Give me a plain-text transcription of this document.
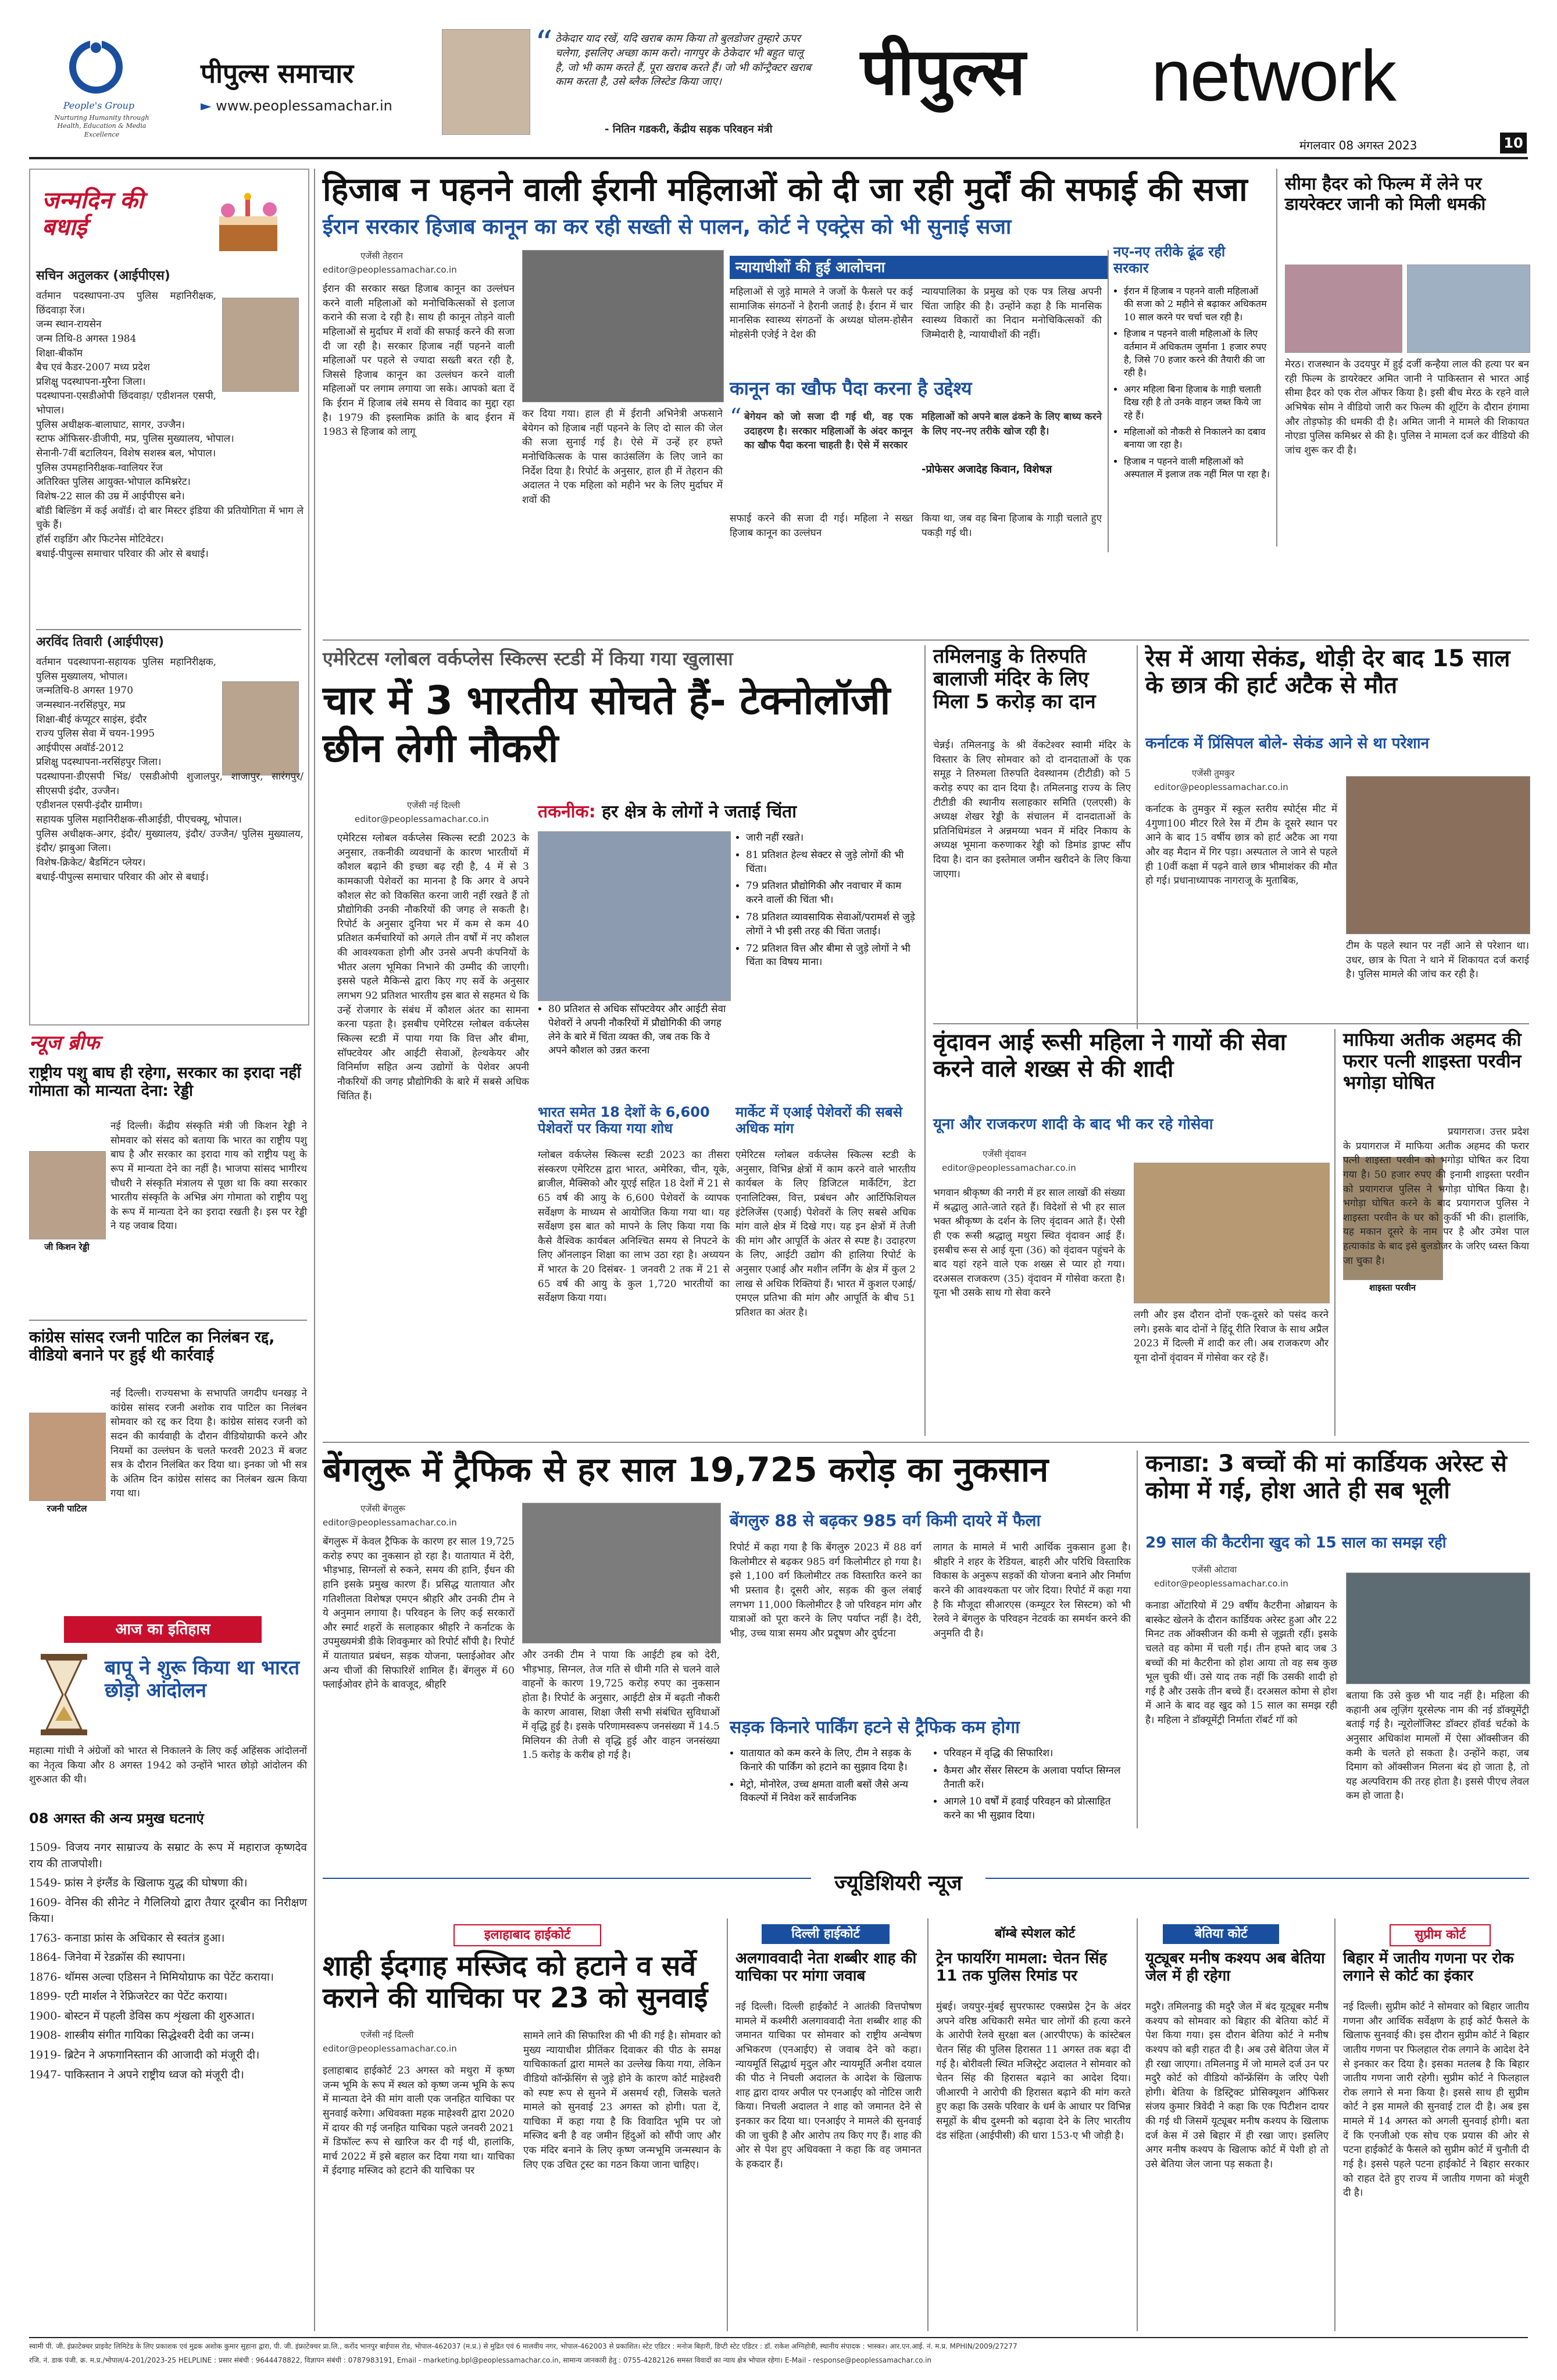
People's Group
Nurturing Humanity through Health, Education & Media Excellence
पीपुल्स समाचार
► www.peoplessamachar.in
“ ठेकेदार याद रखें, यदि खराब काम किया तो बुलडोजर तुम्हारे ऊपर चलेगा, इसलिए अच्छा काम करो। नागपुर के ठेकेदार भी बहुत चालू है, जो भी काम करते हैं, पूरा खराब करते हैं। जो भी कॉन्ट्रैक्टर खराब काम करता है, उसे ब्लैक लिस्टेड किया जाए।
- नितिन गडकरी, केंद्रीय सड़क परिवहन मंत्री
पीपुल्स network
मंगलवार 08 अगस्त 2023	10
जन्मदिन की बधाई
सचिन अतुलकर (आईपीएस)
वर्तमान पदस्थापना-उप पुलिस महानिरीक्षक, छिंदवाड़ा रेंज।
जन्म स्थान-रायसेन
जन्म तिथि-8 अगस्त 1984
शिक्षा-बीकॉम
बैच एवं कैडर-2007 मध्य प्रदेश
प्रशिक्षु पदस्थापना-मुरैना जिला।
पदस्थापना-एसडीओपी छिंदवाड़ा/ एडीशनल एसपी, भोपाल।
पुलिस अधीक्षक-बालाघाट, सागर, उज्जैन।
स्टाफ ऑफिसर-डीजीपी, मप्र, पुलिस मुख्यालय, भोपाल।
सेनानी-7वीं बटालियन, विशेष सशस्त्र बल, भोपाल।
पुलिस उपमहानिरीक्षक-ग्वालियर रेंज
अतिरिक्त पुलिस आयुक्त-भोपाल कमिश्नरेट।
विशेष-22 साल की उम्र में आईपीएस बने।
बॉडी बिल्डिंग में कई अवॉर्ड। दो बार मिस्टर इंडिया की प्रतियोगिता में भाग ले चुके हैं।
हॉर्स राइडिंग और फिटनेस मोटिवेटर।
बधाई-पीपुल्स समाचार परिवार की ओर से बधाई।
अरविंद तिवारी (आईपीएस)
वर्तमान पदस्थापना-सहायक पुलिस महानिरीक्षक, पुलिस मुख्यालय, भोपाल।
जन्मतिथि-8 अगस्त 1970
जन्मस्थान-नरसिंहपुर, मप्र
शिक्षा-बीई कंप्यूटर साइंस, इंदौर
राज्य पुलिस सेवा में चयन-1995
आईपीएस अवॉर्ड-2012
प्रशिक्षु पदस्थापना-नरसिंहपुर जिला।
पदस्थापना-डीएसपी भिंड/ एसडीओपी शुजालपुर, शाजापुर, सारंगपुर/ सीएसपी इंदौर, उज्जैन।
एडीशनल एसपी-इंदौर ग्रामीण।
सहायक पुलिस महानिरीक्षक-सीआईडी, पीएचक्यू, भोपाल।
पुलिस अधीक्षक-अगर, इंदौर/ मुख्यालय, इंदौर/ उज्जैन/ पुलिस मुख्यालय, इंदौर/ झाबुआ जिला।
विशेष-क्रिकेट/ बैडमिंटन प्लेयर।
बधाई-पीपुल्स समाचार परिवार की ओर से बधाई।
न्यूज ब्रीफ
राष्ट्रीय पशु बाघ ही रहेगा, सरकार का इरादा नहीं गोमाता को मान्यता देना: रेड्डी
जी किशन रेड्डी
नई दिल्ली। केंद्रीय संस्कृति मंत्री जी किशन रेड्डी ने सोमवार को संसद को बताया कि भारत का राष्ट्रीय पशु बाघ है और सरकार का इरादा गाय को राष्ट्रीय पशु के रूप में मान्यता देने का नहीं है। भाजपा सांसद भागीरथ चौधरी ने संस्कृति मंत्रालय से पूछा था कि क्या सरकार भारतीय संस्कृति के अभिन्न अंग गोमाता को राष्ट्रीय पशु के रूप में मान्यता देने का इरादा रखती है। इस पर रेड्डी ने यह जवाब दिया।
कांग्रेस सांसद रजनी पाटिल का निलंबन रद्द, वीडियो बनाने पर हुई थी कार्रवाई
रजनी पाटिल
नई दिल्ली। राज्यसभा के सभापति जगदीप धनखड़ ने कांग्रेस सांसद रजनी अशोक राव पाटिल का निलंबन सोमवार को रद्द कर दिया है। कांग्रेस सांसद रजनी को सदन की कार्यवाही के दौरान वीडियोग्राफी करने और नियमों का उल्लंघन के चलते फरवरी 2023 में बजट सत्र के दौरान निलंबित कर दिया था। इनका जो भी सत्र के अंतिम दिन कांग्रेस सांसद का निलंबन खत्म किया गया था।
आज का इतिहास
बापू ने शुरू किया था भारत छोड़ो आंदोलन
महात्मा गांधी ने अंग्रेजों को भारत से निकालने के लिए कई अहिंसक आंदोलनों का नेतृत्व किया और 8 अगस्त 1942 को उन्होंने भारत छोड़ो आंदोलन की शुरुआत की थी।
08 अगस्त की अन्य प्रमुख घटनाएं
1509- विजय नगर साम्राज्य के सम्राट के रूप में महाराज कृष्णदेव राय की ताजपोशी।
1549- फ्रांस ने इंग्लैंड के खिलाफ युद्ध की घोषणा की।
1609- वेनिस की सीनेट ने गैलिलियो द्वारा तैयार दूरबीन का निरीक्षण किया।
1763- कनाडा फ्रांस के अधिकार से स्वतंत्र हुआ।
1864- जिनेवा में रेडक्रॉस की स्थापना।
1876- थॉमस अल्वा एडिसन ने मिमियोग्राफ का पेटेंट कराया।
1899- एटी मार्शल ने रेफ्रिजरेटर का पेटेंट कराया।
1900- बोस्टन में पहली डेविस कप शृंखला की शुरुआत।
1908- शास्त्रीय संगीत गायिका सिद्धेश्वरी देवी का जन्म।
1919- ब्रिटेन ने अफगानिस्तान की आजादी को मंजूरी दी।
1947- पाकिस्तान ने अपने राष्ट्रीय ध्वज को मंजूरी दी।
हिजाब न पहनने वाली ईरानी महिलाओं को दी जा रही मुर्दों की सफाई की सजा
ईरान सरकार हिजाब कानून का कर रही सख्ती से पालन, कोर्ट ने एक्ट्रेस को भी सुनाई सजा
एजेंसी तेहरान
editor@peoplessamachar.co.in
ईरान की सरकार सख्त हिजाब कानून का उल्लंघन करने वाली महिलाओं को मनोचिकित्सकों से इलाज कराने की सजा दे रही है। साथ ही कानून तोड़ने वाली महिलाओं से मुर्दाघर में शवों की सफाई करने की सजा दी जा रही है। सरकार हिजाब नहीं पहनने वाली महिलाओं पर पहले से ज्यादा सख्ती बरत रही है, जिससे हिजाब कानून का उल्लंघन करने वाली महिलाओं पर लगाम लगाया जा सके। आपको बता दें कि ईरान में हिजाब लंबे समय से विवाद का मुद्दा रहा है। 1979 की इस्लामिक क्रांति के बाद ईरान में 1983 से हिजाब को लागू
कर दिया गया। हाल ही में ईरानी अभिनेत्री अफसाने बेयेगन को हिजाब नहीं पहनने के लिए दो साल की जेल की सजा सुनाई गई है। ऐसे में उन्हें हर हफ्ते मनोचिकित्सक के पास काउंसलिंग के लिए जाने का निर्देश दिया है। रिपोर्ट के अनुसार, हाल ही में तेहरान की अदालत ने एक महिला को महीने भर के लिए मुर्दाघर में शवों की
न्यायाधीशों की हुई आलोचना
महिलाओं से जुड़े मामले ने जजों के फैसले पर कई सामाजिक संगठनों ने हैरानी जताई है। ईरान में चार मानसिक स्वास्थ्य संगठनों के अध्यक्ष घोलम-होसैन मोहसेनी एजेई ने देश की
न्यायपालिका के प्रमुख को एक पत्र लिख अपनी चिंता जाहिर की है। उन्होंने कहा है कि मानसिक स्वास्थ्य विकारों का निदान मनोचिकित्सकों की जिम्मेदारी है, न्यायाधीशों की नहीं।
कानून का खौफ पैदा करना है उद्देश्य
“ बेगेयन को जो सजा दी गई थी, वह एक उदाहरण है। सरकार महिलाओं के अंदर कानून का खौफ पैदा करना चाहती है। ऐसे में सरकार
महिलाओं को अपने बाल ढंकने के लिए बाध्य करने के लिए नए-नए तरीके खोज रही है।
-प्रोफेसर अजादेह किवान, विशेषज्ञ
सफाई करने की सजा दी गई। महिला ने सख्त हिजाब कानून का उल्लंघन
किया था, जब वह बिना हिजाब के गाड़ी चलाते हुए पकड़ी गई थी।
नए-नए तरीके ढूंढ रही सरकार
• ईरान में हिजाब न पहनने वाली महिलाओं की सजा को 2 महीने से बढ़ाकर अधिकतम 10 साल करने पर चर्चा चल रही है।
• हिजाब न पहनने वाली महिलाओं के लिए वर्तमान में अधिकतम जुर्माना 1 हजार रुपए है, जिसे 70 हजार करने की तैयारी की जा रही है।
• अगर महिला बिना हिजाब के गाड़ी चलाती दिख रही है तो उनके वाहन जब्त किये जा रहे हैं।
• महिलाओं को नौकरी से निकालने का दबाव बनाया जा रहा है।
• हिजाब न पहनने वाली महिलाओं को अस्पताल में इलाज तक नहीं मिल पा रहा है।
सीमा हैदर को फिल्म में लेने पर डायरेक्टर जानी को मिली धमकी
मेरठ। राजस्थान के उदयपुर में हुई दर्जी कन्हैया लाल की हत्या पर बन रही फिल्म के डायरेक्टर अमित जानी ने पाकिस्तान से भारत आई सीमा हैदर को एक रोल ऑफर किया है। इसी बीच मेरठ के रहने वाले अभिषेक सोम ने वीडियो जारी कर फिल्म की शूटिंग के दौरान हंगामा और तोड़फोड़ की धमकी दी है। अमित जानी ने मामले की शिकायत नोएडा पुलिस कमिश्नर से की है। पुलिस ने मामला दर्ज कर वीडियो की जांच शुरू कर दी है।
एमेरिटस ग्लोबल वर्कप्लेस स्किल्स स्टडी में किया गया खुलासा
चार में 3 भारतीय सोचते हैं- टेक्नोलॉजी छीन लेगी नौकरी
एजेंसी नई दिल्ली
editor@peoplessamachar.co.in
एमेरिटस ग्लोबल वर्कप्लेस स्किल्स स्टडी 2023 के अनुसार, तकनीकी व्यवधानों के कारण भारतीयों में कौशल बढ़ाने की इच्छा बढ़ रही है, 4 में से 3 कामकाजी पेशेवरों का मानना है कि अगर वे अपने कौशल सेट को विकसित करना जारी नहीं रखते हैं तो प्रौद्योगिकी उनकी नौकरियों की जगह ले सकती है। रिपोर्ट के अनुसार दुनिया भर में कम से कम 40 प्रतिशत कर्मचारियों को अगले तीन वर्षों में नए कौशल की आवश्यकता होगी और उनसे अपनी कंपनियों के भीतर अलग भूमिका निभाने की उम्मीद की जाएगी। इससे पहले मैकिन्से द्वारा किए गए सर्वे के अनुसार लगभग 92 प्रतिशत भारतीय इस बात से सहमत थे कि उन्हें रोजगार के संबंध में कौशल अंतर का सामना करना पड़ता है। इसबीच एमेरिटस ग्लोबल वर्कप्लेस स्किल्स स्टडी में पाया गया कि वित्त और बीमा, सॉफ्टवेयर और आईटी सेवाओं, हेल्थकेयर और विनिर्माण सहित अन्य उद्योगों के पेशेवर अपनी नौकरियों की जगह प्रौद्योगिकी के बारे में सबसे अधिक चिंतित हैं।
तकनीक: हर क्षेत्र के लोगों ने जताई चिंता
• 80 प्रतिशत से अधिक सॉफ्टवेयर और आईटी सेवा पेशेवरों ने अपनी नौकरियों में प्रौद्योगिकी की जगह लेने के बारे में चिंता व्यक्त की, जब तक कि वे अपने कौशल को उन्नत करना
• जारी नहीं रखते।
• 81 प्रतिशत हेल्थ सेक्टर से जुड़े लोगों की भी चिंता।
• 79 प्रतिशत प्रौद्योगिकी और नवाचार में काम करने वालों की चिंता भी।
• 78 प्रतिशत व्यावसायिक सेवाओं/परामर्श से जुड़े लोगों ने भी इसी तरह की चिंता जताई।
• 72 प्रतिशत वित्त और बीमा से जुड़े लोगों ने भी चिंता का विषय माना।
भारत समेत 18 देशों के 6,600 पेशेवरों पर किया गया शोध
ग्लोबल वर्कप्लेस स्किल्स स्टडी 2023 का तीसरा संस्करण एमेरिटस द्वारा भारत, अमेरिका, चीन, यूके, ब्राजील, मैक्सिको और यूएई सहित 18 देशों में 21 से 65 वर्ष की आयु के 6,600 पेशेवरों के व्यापक सर्वेक्षण के माध्यम से आयोजित किया गया था। यह सर्वेक्षण इस बात को मापने के लिए किया गया कि कैसे वैश्विक कार्यबल अनिश्चित समय से निपटने के लिए ऑनलाइन शिक्षा का लाभ उठा रहा है। अध्ययन में भारत के 20 दिसंबर- 1 जनवरी 2 तक में 21 से 65 वर्ष की आयु के कुल 1,720 भारतीयों का सर्वेक्षण किया गया।
मार्केट में एआई पेशेवरों की सबसे अधिक मांग
एमेरिटस ग्लोबल वर्कप्लेस स्किल्स स्टडी के अनुसार, विभिन्न क्षेत्रों में काम करने वाले भारतीय कार्यबल के लिए डिजिटल मार्केटिंग, डेटा एनालिटिक्स, वित्त, प्रबंधन और आर्टिफिशियल इंटेलिजेंस (एआई) पेशेवरों के लिए सबसे अधिक मांग वाले क्षेत्र में दिखे गए। यह इन क्षेत्रों में तेजी की मांग और आपूर्ति के अंतर से स्पष्ट है। उदाहरण के लिए, आईटी उद्योग की हालिया रिपोर्ट के अनुसार एआई और मशीन लर्निंग के क्षेत्र में कुल 2 लाख से अधिक रिक्तियां हैं। भारत में कुशल एआई/एमएल प्रतिभा की मांग और आपूर्ति के बीच 51 प्रतिशत का अंतर है।
तमिलनाडु के तिरुपति बालाजी मंदिर के लिए मिला 5 करोड़ का दान
चेन्नई। तमिलनाडु के श्री वेंकटेश्वर स्वामी मंदिर के विस्तार के लिए सोमवार को दो दानदाताओं के एक समूह ने तिरुमला तिरुपति देवस्थानम (टीटीडी) को 5 करोड़ रुपए का दान दिया है। तमिलनाडु राज्य के लिए टीटीडी की स्थानीय सलाहकार समिति (एलएसी) के अध्यक्ष शेखर रेड्डी के संचालन में दानदाताओं के प्रतिनिधिमंडल ने अन्नमय्या भवन में मंदिर निकाय के अध्यक्ष भूमाना करुणाकर रेड्डी को डिमांड ड्राफ्ट सौंप दिया है। दान का इस्तेमाल जमीन खरीदने के लिए किया जाएगा।
रेस में आया सेकंड, थोड़ी देर बाद 15 साल के छात्र की हार्ट अटैक से मौत
कर्नाटक में प्रिंसिपल बोले- सेकंड आने से था परेशान
एजेंसी तुमकुर
editor@peoplessamachar.co.in
कर्नाटक के तुमकुर में स्कूल स्तरीय स्पोर्ट्स मीट में 4गुणा100 मीटर रिले रेस में टीम के दूसरे स्थान पर आने के बाद 15 वर्षीय छात्र को हार्ट अटैक आ गया और वह मैदान में गिर पड़ा। अस्पताल ले जाने से पहले ही 10वीं कक्षा में पढ़ने वाले छात्र भीमाशंकर की मौत हो गई। प्रधानाध्यापक नागराजू के मुताबिक,
टीम के पहले स्थान पर नहीं आने से परेशान था। उधर, छात्र के पिता ने थाने में शिकायत दर्ज कराई है। पुलिस मामले की जांच कर रही है।
वृंदावन आई रूसी महिला ने गायों की सेवा करने वाले शख्स से की शादी
यूना और राजकरण शादी के बाद भी कर रहे गोसेवा
एजेंसी वृंदावन
editor@peoplessamachar.co.in
भगवान श्रीकृष्ण की नगरी में हर साल लाखों की संख्या में श्रद्धालु आते-जाते रहते हैं। विदेशों से भी हर साल भक्त श्रीकृष्ण के दर्शन के लिए वृंदावन आते हैं। ऐसी ही एक रूसी श्रद्धालु मथुरा स्थित वृंदावन आई हैं। इसबीच रूस से आई यूना (36) को वृंदावन पहुंचने के बाद यहां रहने वाले एक शख्स से प्यार हो गया। दरअसल राजकरण (35) वृंदावन में गोसेवा करता है। यूना भी उसके साथ गो सेवा करने
लगी और इस दौरान दोनों एक-दूसरे को पसंद करने लगे। इसके बाद दोनों ने हिंदू रीति रिवाज के साथ अप्रैल 2023 में दिल्ली में शादी कर ली। अब राजकरण और यूना दोनों वृंदावन में गोसेवा कर रहे हैं।
माफिया अतीक अहमद की फरार पत्नी शाइस्ता परवीन भगोड़ा घोषित
शाइस्ता परवीन
प्रयागराज। उत्तर प्रदेश के प्रयागराज में माफिया अतीक अहमद की फरार पत्नी शाइस्ता परवीन को भगोड़ा घोषित कर दिया गया है। 50 हजार रुपए की इनामी शाइस्ता परवीन को प्रयागराज पुलिस ने भगोड़ा घोषित किया है। भगोड़ा घोषित करने के बाद प्रयागराज पुलिस ने शाइस्ता परवीन के घर को कुर्की भी की। हालांकि, यह मकान दूसरे के नाम पर है और उमेश पाल हत्याकांड के बाद इसे बुलडोजर के जरिए ध्वस्त किया जा चुका है।
बेंगलुरू में ट्रैफिक से हर साल 19,725 करोड़ का नुकसान
एजेंसी बेंगलुरू
editor@peoplessamachar.co.in
बेंगलुरू में केवल ट्रैफिक के कारण हर साल 19,725 करोड़ रुपए का नुकसान हो रहा है। यातायात में देरी, भीड़भाड़, सिग्नलों से रुकने, समय की हानि, ईंधन की हानि इसके प्रमुख कारण हैं। प्रसिद्ध यातायात और गतिशीलता विशेषज्ञ एमएन श्रीहरि और उनकी टीम ने ये अनुमान लगाया है। परिवहन के लिए कई सरकारों और स्मार्ट शहरों के सलाहकार श्रीहरि ने कर्नाटक के उपमुख्यमंत्री डीके शिवकुमार को रिपोर्ट सौंपी है। रिपोर्ट में यातायात प्रबंधन, सड़क योजना, फ्लाईओवर और अन्य चीजों की सिफारिशें शामिल हैं। बेंगलुरु में 60 फ्लाईओवर होने के बावजूद, श्रीहरि
और उनकी टीम ने पाया कि आईटी हब को देरी, भीड़भाड़, सिग्नल, तेज गति से धीमी गति से चलने वाले वाहनों के कारण 19,725 करोड़ रुपए का नुकसान होता है। रिपोर्ट के अनुसार, आईटी क्षेत्र में बढ़ती नौकरी के कारण आवास, शिक्षा जैसी सभी संबंधित सुविधाओं में वृद्धि हुई है। इसके परिणामस्वरूप जनसंख्या में 14.5 मिलियन की तेजी से वृद्धि हुई और वाहन जनसंख्या 1.5 करोड़ के करीब हो गई है।
बेंगलुरु 88 से बढ़कर 985 वर्ग किमी दायरे में फैला
रिपोर्ट में कहा गया है कि बेंगलुरु 2023 में 88 वर्ग किलोमीटर से बढ़कर 985 वर्ग किलोमीटर हो गया है। इसे 1,100 वर्ग किलोमीटर तक विस्तारित करने का भी प्रस्ताव है। दूसरी ओर, सड़क की कुल लंबाई लगभग 11,000 किलोमीटर है जो परिवहन मांग और यात्राओं को पूरा करने के लिए पर्याप्त नहीं है। देरी, भीड़, उच्च यात्रा समय और प्रदूषण और दुर्घटना
लागत के मामले में भारी आर्थिक नुकसान हुआ है। श्रीहरि ने शहर के रेडियल, बाहरी और परिधि विस्तारिक विकास के अनुरूप सड़कों की योजना बनाने और निर्माण करने की आवश्यकता पर जोर दिया। रिपोर्ट में कहा गया है कि मौजूदा सीआरएस (कम्यूटर रेल सिस्टम) को भी रेलवे ने बेंगलुरु के परिवहन नेटवर्क का समर्थन करने की अनुमति दी है।
सड़क किनारे पार्किंग हटने से ट्रैफिक कम होगा
• यातायात को कम करने के लिए, टीम ने सड़क के किनारे की पार्किंग को हटाने का सुझाव दिया है।
• मेट्रो, मोनोरेल, उच्च क्षमता वाली बसों जैसे अन्य विकल्पों में निवेश करें सार्वजनिक
• परिवहन में वृद्धि की सिफारिश।
• कैमरा और सेंसर सिस्टम के अलावा पर्याप्त सिग्नल तैनाती करें।
• आगले 10 वर्षों में हवाई परिवहन को प्रोत्साहित करने का भी सुझाव दिया।
कनाडा: 3 बच्चों की मां कार्डियक अरेस्ट से कोमा में गई, होश आते ही सब भूली
29 साल की कैटरीना खुद को 15 साल का समझ रही
एजेंसी ओटावा
editor@peoplessamachar.co.in
कनाडा ओंटारियो में 29 वर्षीय कैटरीना ओब्रायन के बास्केट खेलने के दौरान कार्डियक अरेस्ट हुआ और 22 मिनट तक ऑक्सीजन की कमी से जूझती रहीं। इसके चलते वह कोमा में चली गई। तीन हफ्ते बाद जब 3 बच्चों की मां कैटरीना को होश आया तो वह सब कुछ भूल चुकी थीं। उसे याद तक नहीं कि उसकी शादी हो गई है और उसके तीन बच्चे हैं। दरअसल कोमा से होश में आने के बाद वह खुद को 15 साल का समझ रही है। महिला ने डॉक्यूमेंट्री निर्माता रॉबर्ट गॉ को
बताया कि उसे कुछ भी याद नहीं है। महिला की कहानी अब लूज़िंग यूरसेल्फ नाम की नई डॉक्यूमेंट्री बताई गई है। न्यूरोलॉजिस्ट डॉक्टर हॉवर्ड चर्टको के अनुसार अधिकांश मामलों में ऐसा ऑक्सीजन की कमी के चलते हो सकता है। उन्होंने कहा, जब दिमाग को ऑक्सीजन मिलना बंद हो जाता है, तो यह अल्पविराम की तरह होता है। इससे पीएच लेवल कम हो जाता है।
ज्यूडिशियरी न्यूज
इलाहाबाद हाईकोर्ट
शाही ईदगाह मस्जिद को हटाने व सर्वे कराने की याचिका पर 23 को सुनवाई
एजेंसी नई दिल्ली
editor@peoplessamachar.co.in
इलाहाबाद हाईकोर्ट 23 अगस्त को मथुरा में कृष्ण जन्म भूमि के रूप में स्थल को कृष्ण जन्म भूमि के रूप में मान्यता देने की मांग वाली एक जनहित याचिका पर सुनवाई करेगा। अधिवक्ता महक माहेश्वरी द्वारा 2020 में दायर की गई जनहित याचिका पहले जनवरी 2021 में डिफॉल्ट रूप से खारिज कर दी गई थी, हालांकि, मार्च 2022 में इसे बहाल कर दिया गया था। याचिका में ईदगाह मस्जिद को हटाने की याचिका पर
सामने लाने की सिफारिश की भी की गई है। सोमवार को मुख्य न्यायाधीश प्रीतिंकर दिवाकर की पीठ के समक्ष याचिकाकर्ता द्वारा मामले का उल्लेख किया गया, लेकिन वीडियो कॉन्फ्रेंसिंग से जुड़े होने के कारण कोर्ट माहेश्वरी को स्पष्ट रूप से सुनने में असमर्थ रही, जिसके चलते मामले को सुनवाई 23 अगस्त को होगी। पता दें, याचिका में कहा गया है कि विवादित भूमि पर जो मस्जिद बनी है वह जमीन हिंदुओं को सौंपी जाए और एक मंदिर बनाने के लिए कृष्ण जन्मभूमि जन्मस्थान के लिए एक उचित ट्रस्ट का गठन किया जाना चाहिए।
दिल्ली हाईकोर्ट
अलगाववादी नेता शब्बीर शाह की याचिका पर मांगा जवाब
नई दिल्ली। दिल्ली हाईकोर्ट ने आतंकी वित्तपोषण मामले में कश्मीरी अलगाववादी नेता शब्बीर शाह की जमानत याचिका पर सोमवार को राष्ट्रीय अन्वेषण अभिकरण (एनआईए) से जवाब देने को कहा। न्यायमूर्ति सिद्धार्थ मृदुल और न्यायमूर्ति अनीश दयाल की पीठ ने निचली अदालत के आदेश के खिलाफ शाह द्वारा दायर अपील पर एनआईए को नोटिस जारी किया। निचली अदालत ने शाह को जमानत देने से इनकार कर दिया था। एनआईए ने मामले की सुनवाई की जा चुकी है और आरोप तय किए गए हैं। शाह की ओर से पेश हुए अधिवक्ता ने कहा कि वह जमानत के हकदार हैं।
बॉम्बे स्पेशल कोर्ट
ट्रेन फायरिंग मामला: चेतन सिंह 11 तक पुलिस रिमांड पर
मुंबई। जयपुर-मुंबई सुपरफास्ट एक्सप्रेस ट्रेन के अंदर अपने वरिष्ठ अधिकारी समेत चार लोगों की हत्या करने के आरोपी रेलवे सुरक्षा बल (आरपीएफ) के कांस्टेबल चेतन सिंह की पुलिस हिरासत 11 अगस्त तक बढ़ा दी गई है। बोरीवली स्थित मजिस्ट्रेट अदालत ने सोमवार को चेतन सिंह की हिरासत बढ़ाने का आदेश दिया। जीआरपी ने आरोपी की हिरासत बढ़ाने की मांग करते हुए कहा कि उसके परिवार के धर्म के आधार पर विभिन्न समूहों के बीच दुश्मनी को बढ़ावा देने के लिए भारतीय दंड संहिता (आईपीसी) की धारा 153-ए भी जोड़ी है।
बेतिया कोर्ट
यूट्यूबर मनीष कश्यप अब बेतिया जेल में ही रहेगा
मदुरै। तमिलनाडु की मदुरै जेल में बंद यूट्यूबर मनीष कश्यप को सोमवार को बिहार की बेतिया कोर्ट में पेश किया गया। इस दौरान बेतिया कोर्ट ने मनीष कश्यप को बड़ी राहत दी है। अब उसे बेतिया जेल में ही रखा जाएगा। तमिलनाडु में जो मामले दर्ज उन पर मदुरै कोर्ट को वीडियो कॉन्फ्रेंसिंग के जरिए पेशी होगी। बेतिया के डिस्ट्रिक्ट प्रोसिक्यूशन ऑफिसर संजय कुमार त्रिवेदी ने कहा कि एक पिटीशन दायर की गई थी जिसमें यूट्यूबर मनीष कश्यप के खिलाफ दर्ज केस में उसे बिहार में ही रखा जाए। इसलिए अगर मनीष कश्यप के खिलाफ कोर्ट में पेशी हो तो उसे बेतिया जेल जाना पड़ सकता है।
सुप्रीम कोर्ट
बिहार में जातीय गणना पर रोक लगाने से कोर्ट का इंकार
नई दिल्ली। सुप्रीम कोर्ट ने सोमवार को बिहार जातीय गणना और आर्थिक सर्वेक्षण के हाई कोर्ट फैसले के खिलाफ सुनवाई की। इस दौरान सुप्रीम कोर्ट ने बिहार जातीय गणना पर फिलहाल रोक लगाने के आदेश देने से इनकार कर दिया है। इसका मतलब है कि बिहार जातीय गणना जारी रहेगी। सुप्रीम कोर्ट ने फिलहाल रोक लगाने से मना किया है। इससे साथ ही सुप्रीम कोर्ट ने इस मामले की सुनवाई टाल दी है। अब इस मामले में 14 अगस्त को अगली सुनवाई होगी। बता दें कि एनजीओ एक सोच एक प्रयास की ओर से पटना हाईकोर्ट के फैसले को सुप्रीम कोर्ट में चुनौती दी गई है। इससे पहले पटना हाईकोर्ट ने बिहार सरकार को राहत देते हुए राज्य में जातीय गणना को मंजूरी दी है।
स्वामी पी. जी. इंफ्राटेक्चर प्राइवेट लिमिटेड के लिए प्रकाशक एवं मुद्रक अशोक कुमार सुहाना द्वारा, पी. जी. इंफ्राटेक्चर प्रा.लि., करोंद भानपुर बाईपास रोड, भोपाल-462037 (म.प्र.) से मुद्रित एवं 6 मालवीय नगर, भोपाल-462003 से प्रकाशित। स्टेट एडिटर : मनोज बिहारी, डिप्टी स्टेट एडिटर : डॉ. राकेश अग्निहोत्री, स्थानीय संपादक : भास्कर। आर.एन.आई. नं. म.प्र. MPHIN/2009/27277
रजि. नं. डाक पंजी. क्र. म.प्र./भोपाल/4-201/2023-25 HELPLINE : प्रसार संबंधी : 9644478822, विज्ञापन संबंधी : 0787983191, Email - marketing.bpl@peoplessamachar.co.in, सामान्य जानकारी हेतु : 0755-4282126 समस्त विवादों का न्याय क्षेत्र भोपाल रहेगा। E-Mail - response@peoplessamachar.co.in
